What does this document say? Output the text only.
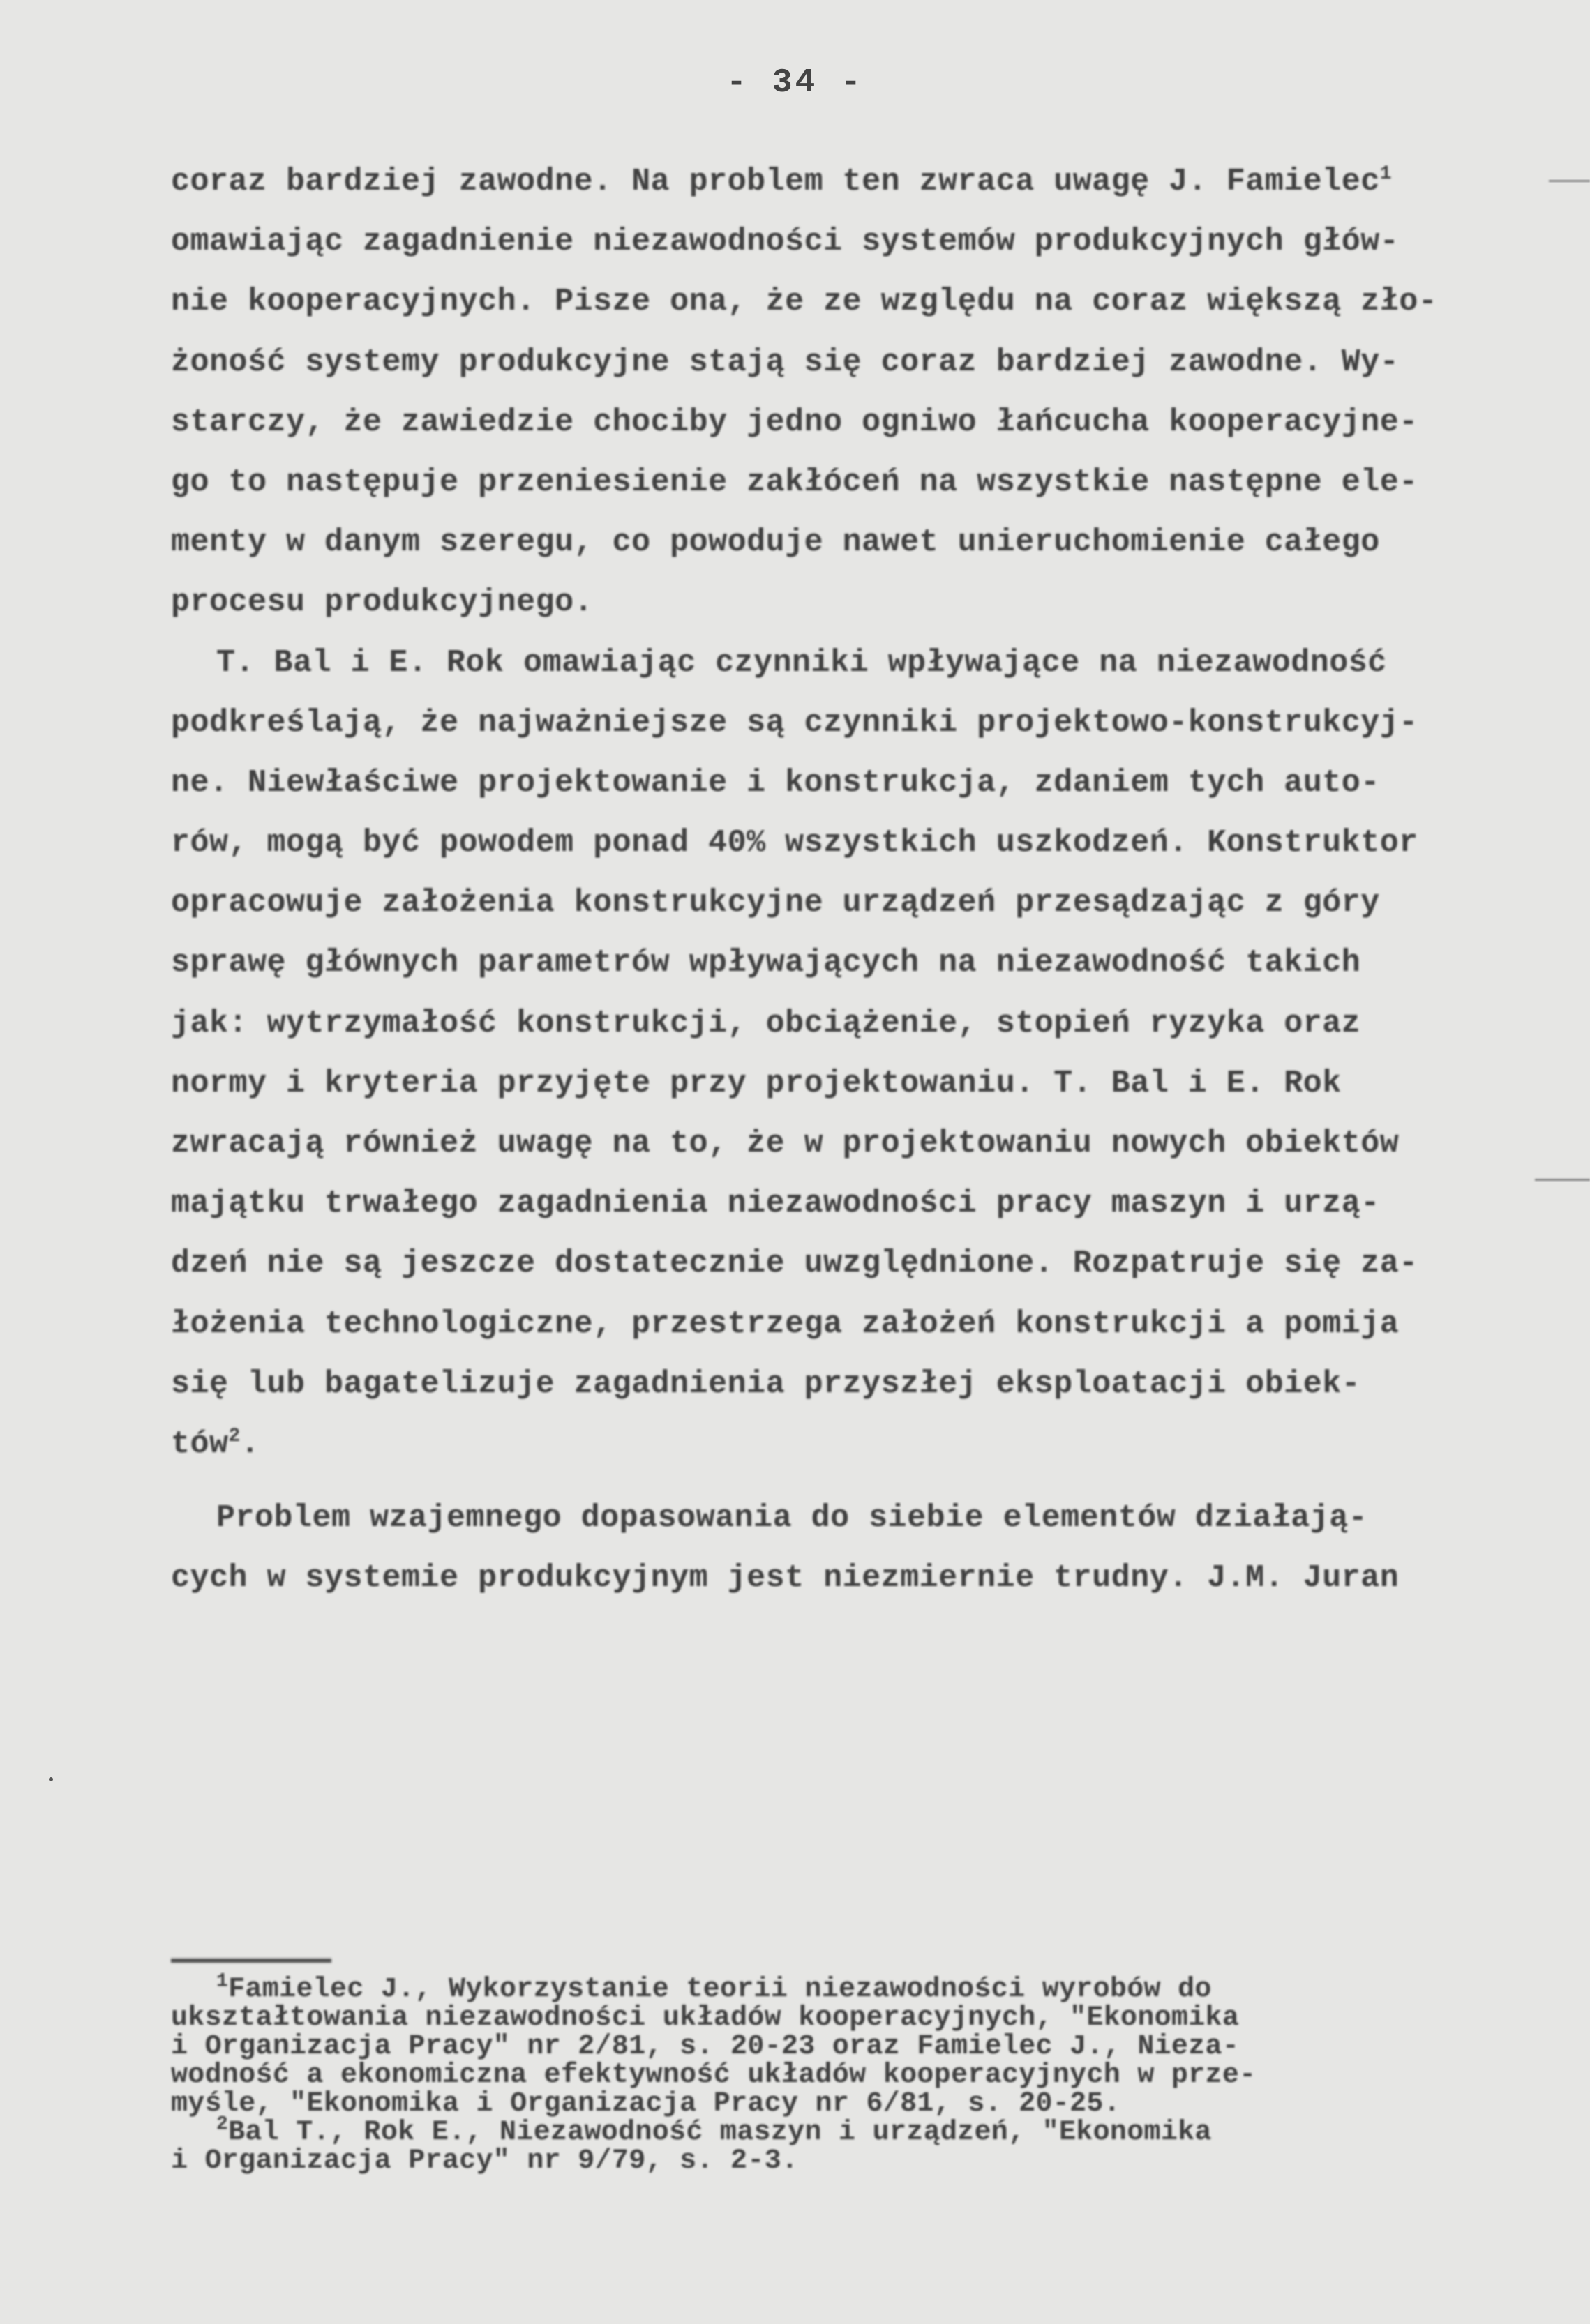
- 34 -
coraz bardziej zawodne. Na problem ten zwraca uwagę J. Famielec$^1$
omawiając zagadnienie niezawodności systemów produkcyjnych głów-
nie kooperacyjnych. Pisze ona, że ze względu na coraz większą zło-
żoność systemy produkcyjne stają się coraz bardziej zawodne. Wy-
starczy, że zawiedzie chociby jedno ogniwo łańcucha kooperacyjne-
go to następuje przeniesienie zakłóceń na wszystkie następne ele-
menty w danym szeregu, co powoduje nawet unieruchomienie całego
procesu produkcyjnego.
T. Bal i E. Rok omawiając czynniki wpływające na niezawodność
podkreślają, że najważniejsze są czynniki projektowo-konstrukcyj-
ne. Niewłaściwe projektowanie i konstrukcja, zdaniem tych auto-
rów, mogą być powodem ponad 40% wszystkich uszkodzeń. Konstruktor
opracowuje założenia konstrukcyjne urządzeń przesądzając z góry
sprawę głównych parametrów wpływających na niezawodność takich
jak: wytrzymałość konstrukcji, obciążenie, stopień ryzyka oraz
normy i kryteria przyjęte przy projektowaniu. T. Bal i E. Rok
zwracają również uwagę na to, że w projektowaniu nowych obiektów
majątku trwałego zagadnienia niezawodności pracy maszyn i urzą-
dzeń nie są jeszcze dostatecznie uwzględnione. Rozpatruje się za-
łożenia technologiczne, przestrzega założeń konstrukcji a pomija
się lub bagatelizuje zagadnienia przyszłej eksploatacji obiek-
tów$^2$.
Problem wzajemnego dopasowania do siebie elementów działają-
cych w systemie produkcyjnym jest niezmiernie trudny. J.M. Juran
$^1$Famielec J., Wykorzystanie teorii niezawodności wyrobów do
ukształtowania niezawodności układów kooperacyjnych, "Ekonomika
i Organizacja Pracy" nr 2/81, s. 20-23 oraz Famielec J., Nieza-
wodność a ekonomiczna efektywność układów kooperacyjnych w prze-
myśle, "Ekonomika i Organizacja Pracy nr 6/81, s. 20-25.
$^2$Bal T., Rok E., Niezawodność maszyn i urządzeń, "Ekonomika
i Organizacja Pracy" nr 9/79, s. 2-3.
